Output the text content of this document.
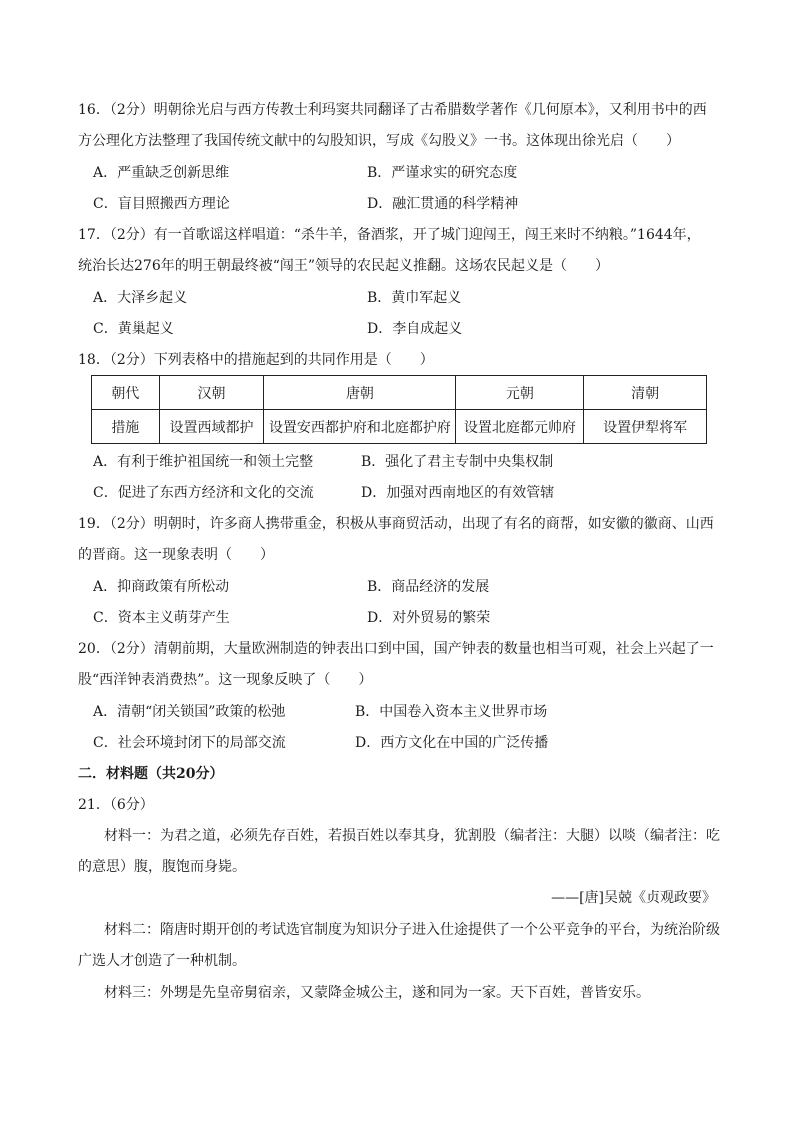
16．（2分）明朝徐光启与西方传教士利玛窦共同翻译了古希腊数学著作《几何原本》，又利用书中的西
方公理化方法整理了我国传统文献中的勾股知识，写成《勾股义》一书。这体现出徐光启（　　）
A．严重缺乏创新思维	B．严谨求实的研究态度
C．盲目照搬西方理论	D．融汇贯通的科学精神
17．（2分）有一首歌谣这样唱道：“杀牛羊，备酒浆，开了城门迎闯王，闯王来时不纳粮。”1644年，
统治长达276年的明王朝最终被“闯王”领导的农民起义推翻。这场农民起义是（　　）
A．大泽乡起义	B．黄巾军起义
C．黄巢起义	D．李自成起义
18．（2分）下列表格中的措施起到的共同作用是（　　）
朝代	汉朝	唐朝	元朝	清朝
措施	设置西域都护	设置安西都护府和北庭都护府	设置北庭都元帅府	设置伊犁将军
A．有利于维护祖国统一和领土完整	B．强化了君主专制中央集权制
C．促进了东西方经济和文化的交流	D．加强对西南地区的有效管辖
19．（2分）明朝时，许多商人携带重金，积极从事商贸活动，出现了有名的商帮，如安徽的徽商、山西
的晋商。这一现象表明（　　）
A．抑商政策有所松动	B．商品经济的发展
C．资本主义萌芽产生	D．对外贸易的繁荣
20．（2分）清朝前期，大量欧洲制造的钟表出口到中国，国产钟表的数量也相当可观，社会上兴起了一
股“西洋钟表消费热”。这一现象反映了（　　）
A．清朝“闭关锁国”政策的松弛	B．中国卷入资本主义世界市场
C．社会环境封闭下的局部交流	D．西方文化在中国的广泛传播
二．材料题（共20分）
21．（6分）
材料一：为君之道，必须先存百姓，若损百姓以奉其身，犹割股（编者注：大腿）以啖（编者注：吃
的意思）腹，腹饱而身毙。
——[唐]吴兢《贞观政要》
材料二：隋唐时期开创的考试选官制度为知识分子进入仕途提供了一个公平竞争的平台，为统治阶级
广选人才创造了一种机制。
材料三：外甥是先皇帝舅宿亲，又蒙降金城公主，遂和同为一家。天下百姓，普皆安乐。
